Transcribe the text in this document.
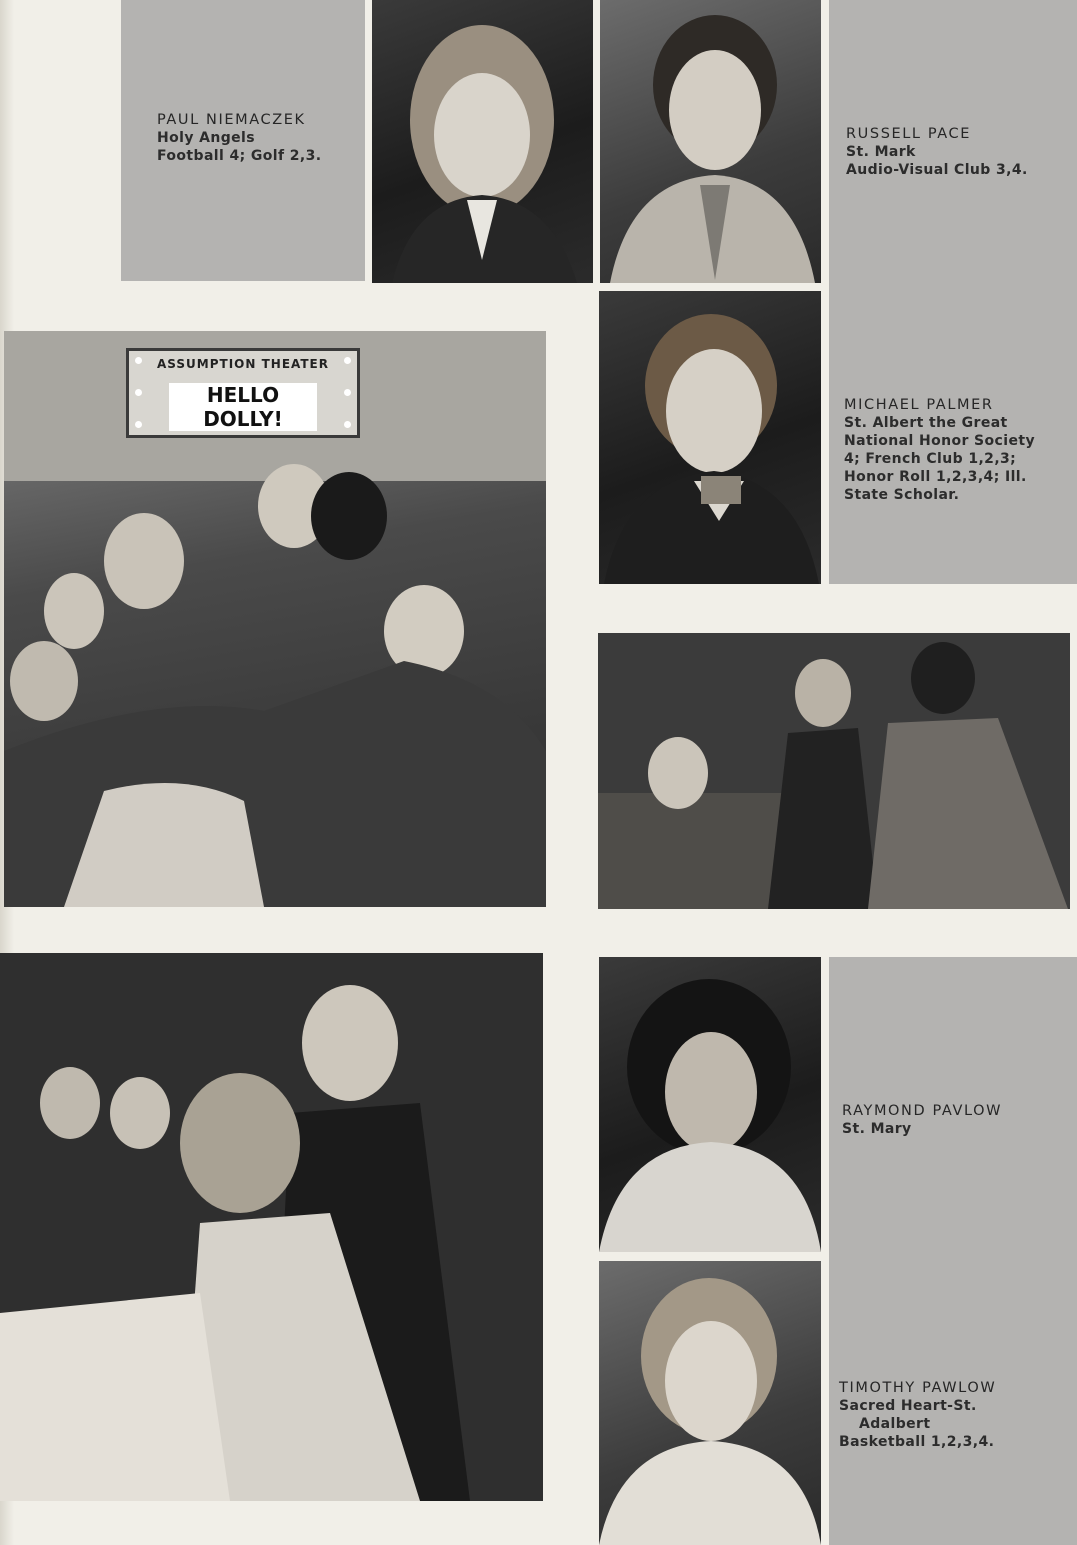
ASSUMPTION THEATER
HELLO DOLLY!
PAUL NIEMACZEK
Holy Angels
Football 4; Golf 2,3.
RUSSELL PACE
St. Mark
Audio-Visual Club 3,4.
MICHAEL PALMER
St. Albert the Great
National Honor Society
4; French Club 1,2,3;
Honor Roll 1,2,3,4; Ill.
State Scholar.
RAYMOND PAVLOW
St. Mary
TIMOTHY PAWLOW
Sacred Heart-St.
Adalbert
Basketball 1,2,3,4.
